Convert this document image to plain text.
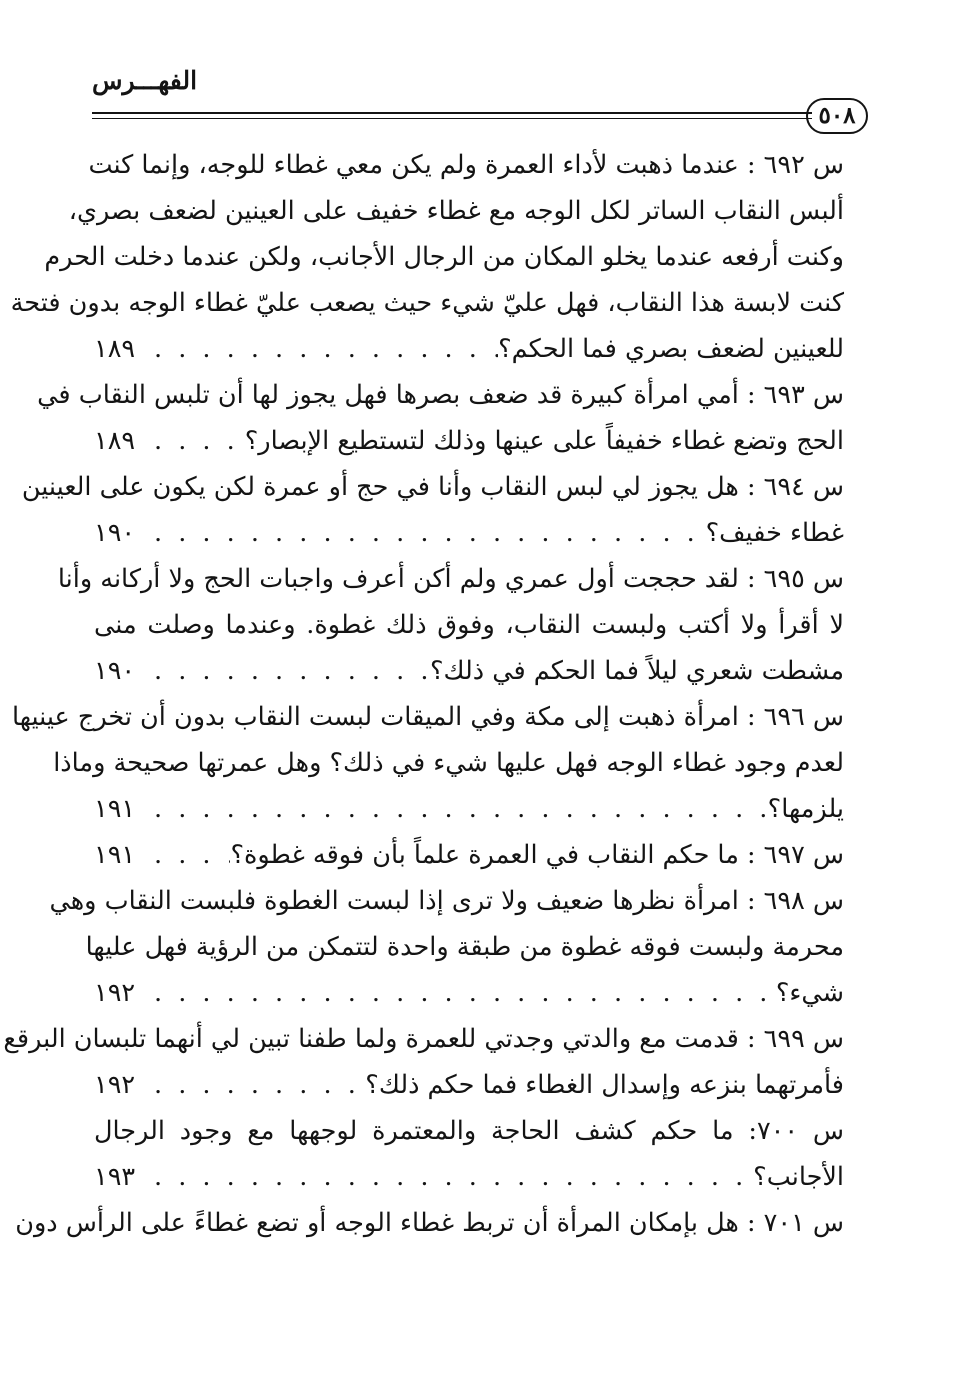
الفهـــرس
٥٠٨
س ٦٩٢ : عندما ذهبت لأداء العمرة ولم يكن معي غطاء للوجه، وإنما كنت
ألبس النقاب الساتر لكل الوجه مع غطاء خفيف على العينين لضعف بصري،
وكنت أرفعه عندما يخلو المكان من الرجال الأجانب، ولكن عندما دخلت الحرم
كنت لابسة هذا النقاب، فهل عليّ شيء حيث يصعب عليّ غطاء الوجه بدون فتحة
للعينين لضعف بصري فما الحكم؟
. . .
١٨٩
س ٦٩٣ : أمي امرأة كبيرة قد ضعف بصرها فهل يجوز لها أن تلبس النقاب في
الحج وتضع غطاء خفيفاً على عينها وذلك لتستطيع الإبصار؟
. . .
١٨٩
س ٦٩٤ : هل يجوز لي لبس النقاب وأنا في حج أو عمرة لكن يكون على العينين
غطاء خفيف؟
. . .
١٩٠
س ٦٩٥ : لقد حججت أول عمري ولم أكن أعرف واجبات الحج ولا أركانه وأنا
لا أقرأ ولا أكتب ولبست النقاب، وفوق ذلك غطوة. وعندما وصلت منى
مشطت شعري ليلاً فما الحكم في ذلك؟
. . .
١٩٠
س ٦٩٦ : امرأة ذهبت إلى مكة وفي الميقات لبست النقاب بدون أن تخرج عينيها
لعدم وجود غطاء الوجه فهل عليها شيء في ذلك؟ وهل عمرتها صحيحة وماذا
يلزمها؟
. . .
١٩١
س ٦٩٧ : ما حكم النقاب في العمرة علماً بأن فوقه غطوة؟
. . .
١٩١
س ٦٩٨ : امرأة نظرها ضعيف ولا ترى إذا لبست الغطوة فلبست النقاب وهي
محرمة ولبست فوقه غطوة من طبقة واحدة لتتمكن من الرؤية فهل عليها
شيء؟
. . .
١٩٢
س ٦٩٩ : قدمت مع والدتي وجدتي للعمرة ولما طفنا تبين لي أنهما تلبسان البرقع
فأمرتهما بنزعه وإسدال الغطاء فما حكم ذلك؟
. . .
١٩٢
س ٧٠٠: ما حكم كشف الحاجة والمعتمرة لوجهها مع وجود الرجال
الأجانب؟
. . .
١٩٣
س ٧٠١ : هل بإمكان المرأة أن تربط غطاء الوجه أو تضع غطاءً على الرأس دون
